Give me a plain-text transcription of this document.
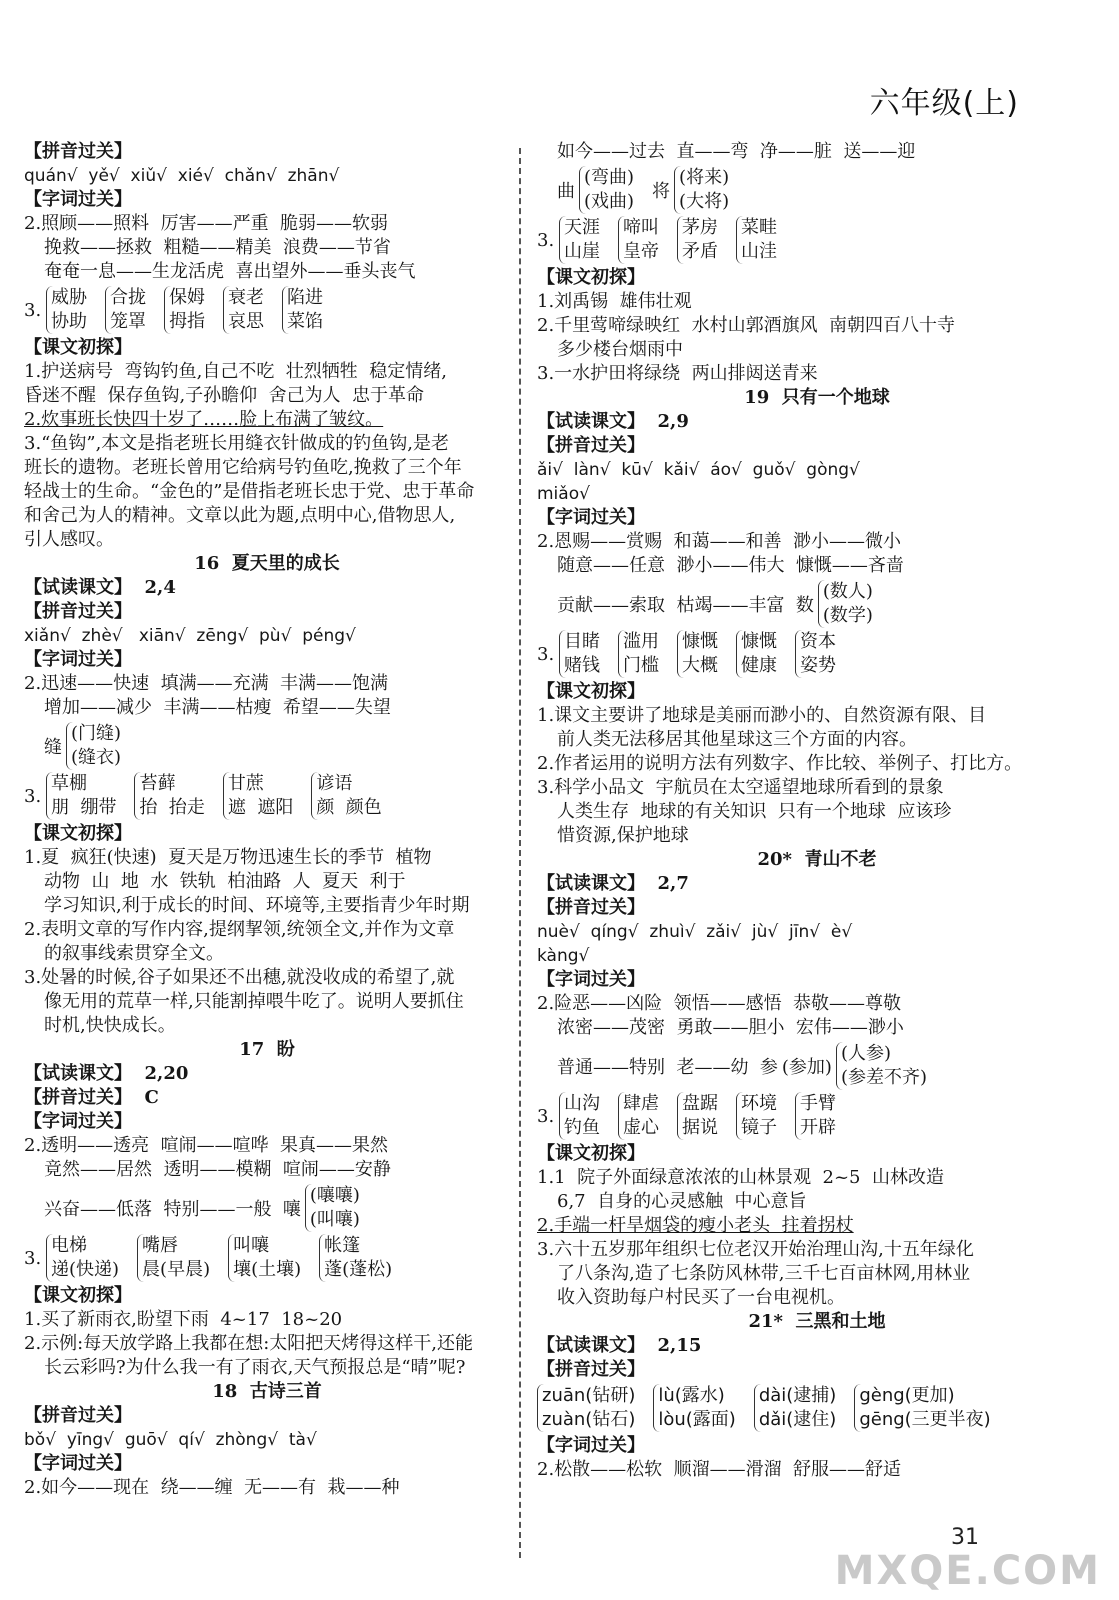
六年级(上)
【拼音过关】
quán√  yě√  xiǔ√  xié√  chǎn√  zhān√
【字词过关】
2.照顾——照料  厉害——严重  脆弱——软弱
挽救——拯救  粗糙——精美  浪费——节省
奄奄一息——生龙活虎  喜出望外——垂头丧气
3.
威胁
协助
合拢
笼罩
保姆
拇指
衰老
哀思
陷进
菜馅
【课文初探】
1.护送病号  弯钩钓鱼,自己不吃  壮烈牺牲  稳定情绪,
昏迷不醒  保存鱼钩,子孙瞻仰  舍己为人  忠于革命
2.炊事班长快四十岁了……脸上布满了皱纹。
3.“鱼钩”,本文是指老班长用缝衣针做成的钓鱼钩,是老
班长的遗物。老班长曾用它给病号钓鱼吃,挽救了三个年
轻战士的生命。“金色的”是借指老班长忠于党、忠于革命
和舍己为人的精神。文章以此为题,点明中心,借物思人,
引人感叹。
16  夏天里的成长
【试读课文】  2,4
【拼音过关】
xiǎn√  zhè√   xiān√  zēng√  pù√  péng√
【字词过关】
2.迅速——快速  填满——充满  丰满——饱满
增加——减少  丰满——枯瘦  希望——失望
缝
(门缝)
(缝衣)
3.
草棚
朋  绷带
苔藓
抬  抬走
甘蔗
遮  遮阳
谚语
颜  颜色
【课文初探】
1.夏  疯狂(快速)  夏天是万物迅速生长的季节  植物
动物  山  地  水  铁轨  柏油路  人  夏天  利于
学习知识,利于成长的时间、环境等,主要指青少年时期
2.表明文章的写作内容,提纲挈领,统领全文,并作为文章
的叙事线索贯穿全文。
3.处暑的时候,谷子如果还不出穗,就没收成的希望了,就
像无用的荒草一样,只能割掉喂牛吃了。说明人要抓住
时机,快快成长。
17  盼
【试读课文】  2,20
【拼音过关】  C
【字词过关】
2.透明——透亮  喧闹——喧哗  果真——果然
竟然——居然  透明——模糊  喧闹——安静
兴奋——低落  特别——一般  嚷
(嚷嚷)
(叫嚷)
3.
电梯
递(快递)
嘴唇
晨(早晨)
叫嚷
壤(土壤)
帐篷
蓬(蓬松)
【课文初探】
1.买了新雨衣,盼望下雨  4~17  18~20
2.示例:每天放学路上我都在想:太阳把天烤得这样干,还能
长云彩吗?为什么我一有了雨衣,天气预报总是“晴”呢?
18  古诗三首
【拼音过关】
bǒ√  yīng√  guō√  qí√  zhòng√  tà√
【字词过关】
2.如今——现在  绕——缠  无——有  栽——种
如今——过去  直——弯  净——脏  送——迎
曲
(弯曲)
(戏曲) 将
(将来)
(大将)
3.
天涯
山崖
啼叫
皇帝
茅房
矛盾
菜畦
山洼
【课文初探】
1.刘禹锡  雄伟壮观
2.千里莺啼绿映红  水村山郭酒旗风  南朝四百八十寺
多少楼台烟雨中
3.一水护田将绿绕  两山排闼送青来
19  只有一个地球
【试读课文】  2,9
【拼音过关】
ǎi√  làn√  kū√  kǎi√  áo√  guǒ√  gòng√
miǎo√
【字词过关】
2.恩赐——赏赐  和蔼——和善  渺小——微小
随意——任意  渺小——伟大  慷慨——吝啬
贡献——索取  枯竭——丰富  数
(数人)
(数学)
3.
目睹
赌钱
滥用
门槛
慷慨
大概
慷慨
健康
资本
姿势
【课文初探】
1.课文主要讲了地球是美丽而渺小的、自然资源有限、目
前人类无法移居其他星球这三个方面的内容。
2.作者运用的说明方法有列数字、作比较、举例子、打比方。
3.科学小品文  宇航员在太空遥望地球所看到的景象
人类生存  地球的有关知识  只有一个地球  应该珍
惜资源,保护地球
20*  青山不老
【试读课文】  2,7
【拼音过关】
nuè√  qíng√  zhuì√  zǎi√  jù√  jīn√  è√
kàng√
【字词过关】
2.险恶——凶险  领悟——感悟  恭敬——尊敬
浓密——茂密  勇敢——胆小  宏伟——渺小
普通——特别  老——幼  参 (参加)
(人参)
(参差不齐)
3.
山沟
钓鱼
肆虐
虚心
盘踞
据说
环境
镜子
手臂
开辟
【课文初探】
1.1  院子外面绿意浓浓的山林景观  2~5  山林改造
6,7  自身的心灵感触  中心意旨
2.手端一杆旱烟袋的瘦小老头  拄着拐杖
3.六十五岁那年组织七位老汉开始治理山沟,十五年绿化
了八条沟,造了七条防风林带,三千七百亩林网,用林业
收入资助每户村民买了一台电视机。
21*  三黑和土地
【试读课文】  2,15
【拼音过关】
zuān(钻研)
zuàn(钻石)
lù(露水)
lòu(露面)
dài(逮捕)
dǎi(逮住)
gèng(更加)
gēng(三更半夜)
【字词过关】
2.松散——松软  顺溜——滑溜  舒服——舒适
31
MXQE.COM
